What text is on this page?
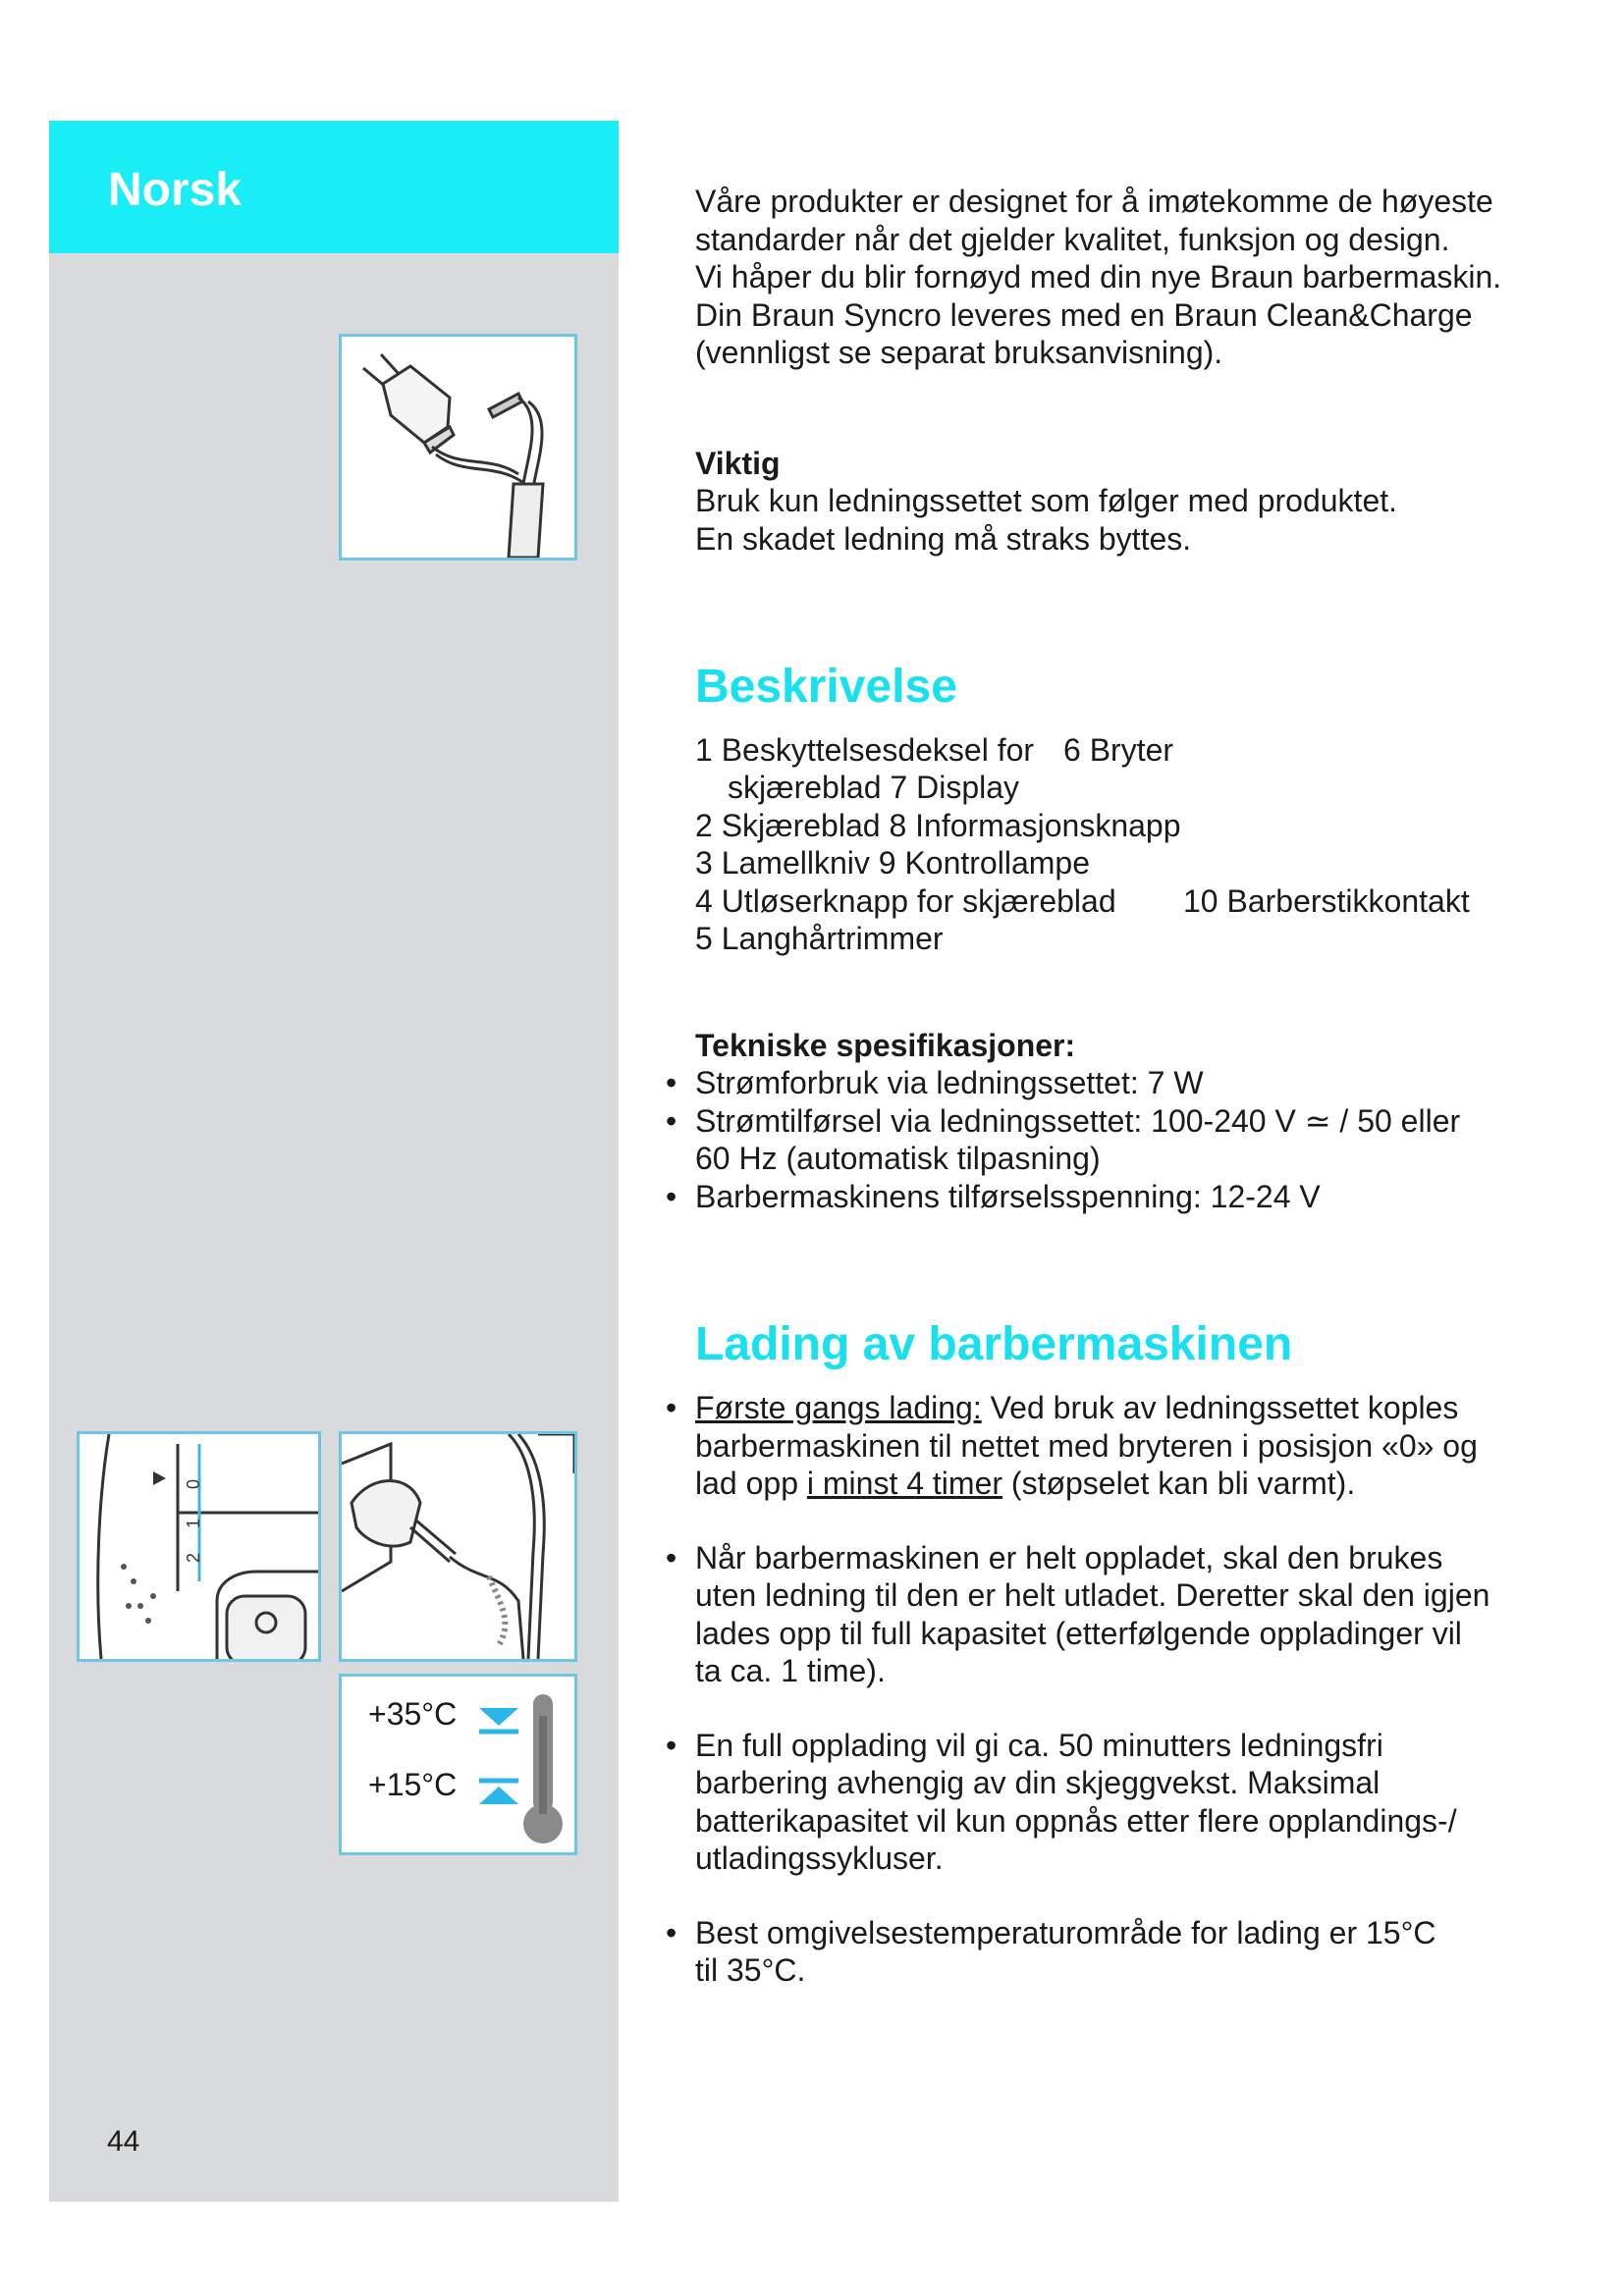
Norsk
44
0
1
2
+35°C
+15°C

Våre produkter er designet for å imøtekomme de høyeste

standarder når det gjelder kvalitet, funksjon og design.

Vi håper du blir fornøyd med din nye Braun barbermaskin.

Din Braun Syncro leveres med en Braun Clean&Charge

(vennligst se separat bruksanvisning).

Viktig

Bruk kun ledningssettet som følger med produktet.

En skadet ledning må straks byttes.

Beskrivelse
1 Beskyttelsesdeksel for 6 Bryter
skjæreblad 7 Display
2 Skjæreblad 8 Informasjonsknapp
3 Lamellkniv 9 Kontrollampe
4 Utløserknapp for skjæreblad 10 Barberstikkontakt
5 Langhårtrimmer

Tekniske spesifikasjoner:

• Strømforbruk via ledningssettet: 7 W
• Strømtilførsel via ledningssettet: 100-240 V ≃ / 50 eller
60 Hz (automatisk tilpasning)
• Barbermaskinens tilførselsspenning: 12-24 V
Lading av barbermaskinen
• Første gangs lading: Ved bruk av ledningssettet koples
barbermaskinen til nettet med bryteren i posisjon «0» og
lad opp i minst 4 timer (støpselet kan bli varmt).
• Når barbermaskinen er helt oppladet, skal den brukes
uten ledning til den er helt utladet. Deretter skal den igjen
lades opp til full kapasitet (etterfølgende oppladinger vil
ta ca. 1 time).
• En full opplading vil gi ca. 50 minutters ledningsfri
barbering avhengig av din skjeggvekst. Maksimal
batterikapasitet vil kun oppnås etter flere opplandings-/
utladingssykluser.
• Best omgivelsestemperaturområde for lading er 15°C
til 35°C.
